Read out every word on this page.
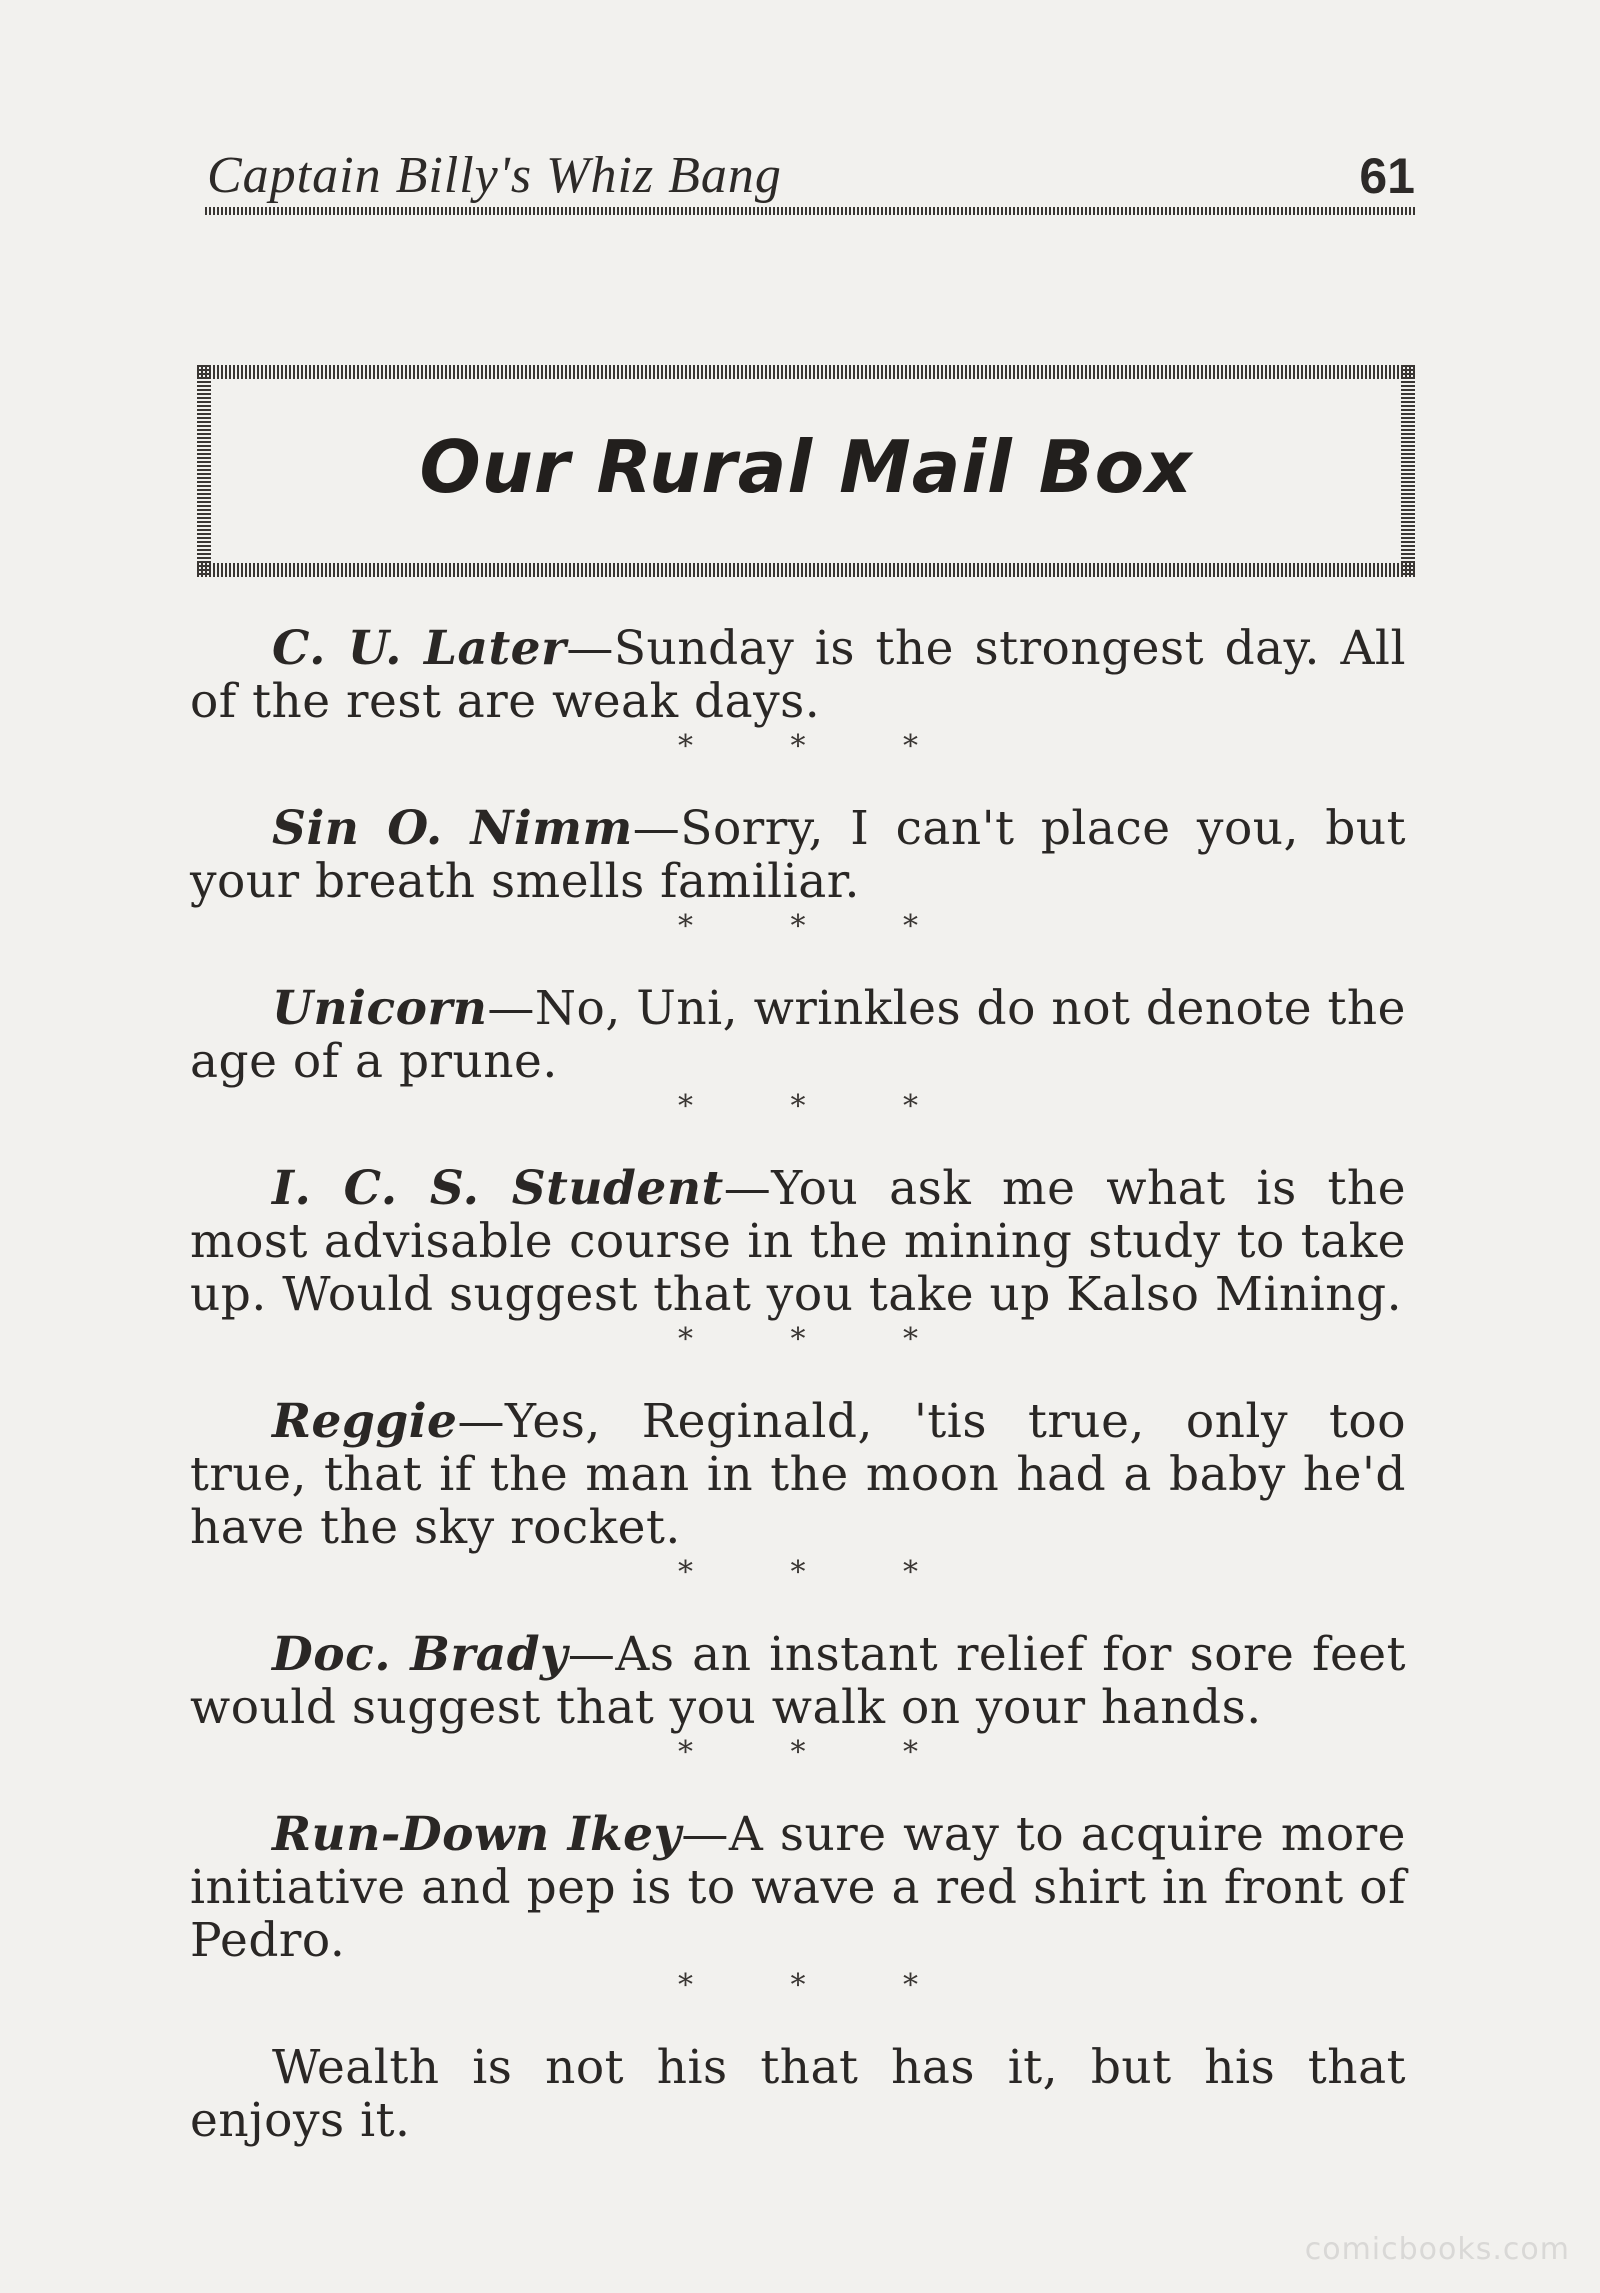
Captain Billy's Whiz Bang	61
Our Rural Mail Box

C. U. Later—Sunday is the strongest day. All of the rest are weak days.

* * *

Sin O. Nimm—Sorry, I can't place you, but your breath smells familiar.

* * *

Unicorn—No, Uni, wrinkles do not denote the age of a prune.

* * *

I. C. S. Student—You ask me what is the most advisable course in the mining study to take up. Would suggest that you take up Kalso Mining.

* * *

Reggie—Yes, Reginald, 'tis true, only too true, that if the man in the moon had a baby he'd have the sky rocket.

* * *

Doc. Brady—As an instant relief for sore feet would suggest that you walk on your hands.

* * *

Run-Down Ikey—A sure way to acquire more initiative and pep is to wave a red shirt in front of Pedro.

* * *

Wealth is not his that has it, but his that enjoys it.

comicbooks.com
